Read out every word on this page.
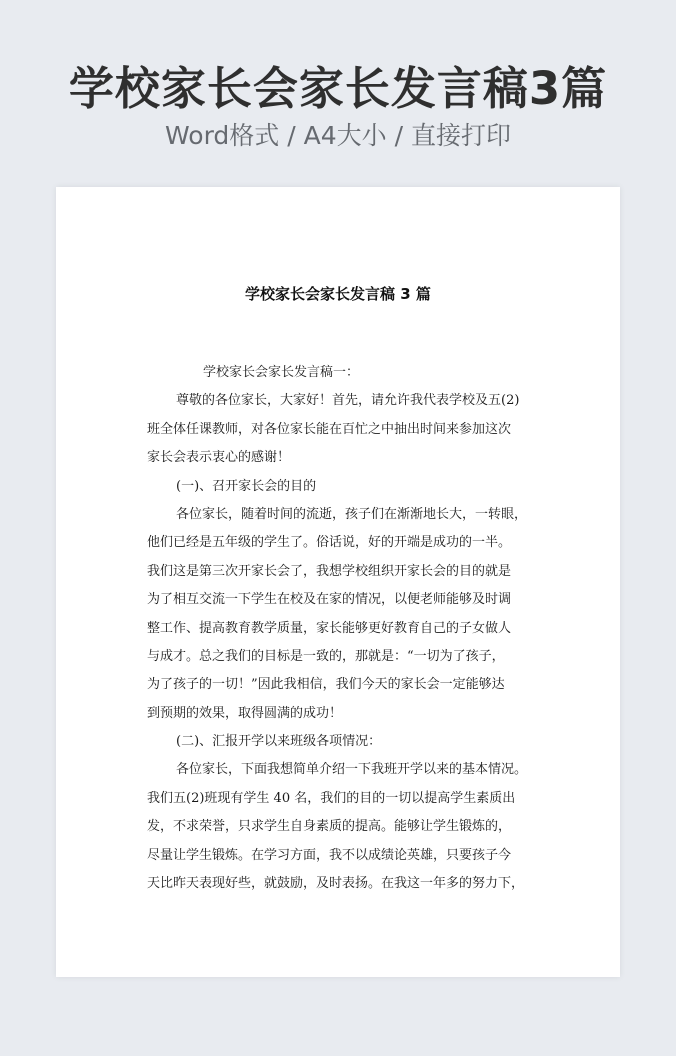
学校家长会家长发言稿3篇
Word格式 / A4大小 / 直接打印
学校家长会家长发言稿 3 篇
学校家长会家长发言稿一：
尊敬的各位家长，大家好！首先，请允许我代表学校及五(2)
班全体任课教师，对各位家长能在百忙之中抽出时间来参加这次
家长会表示衷心的感谢！
(一)、召开家长会的目的
各位家长，随着时间的流逝，孩子们在渐渐地长大，一转眼，
他们已经是五年级的学生了。俗话说，好的开端是成功的一半。
我们这是第三次开家长会了，我想学校组织开家长会的目的就是
为了相互交流一下学生在校及在家的情况，以便老师能够及时调
整工作、提高教育教学质量，家长能够更好教育自己的子女做人
与成才。总之我们的目标是一致的，那就是：“一切为了孩子，
为了孩子的一切！”因此我相信，我们今天的家长会一定能够达
到预期的效果，取得圆满的成功！
(二)、汇报开学以来班级各项情况：
各位家长，下面我想简单介绍一下我班开学以来的基本情况。
我们五(2)班现有学生 40 名，我们的目的一切以提高学生素质出
发，不求荣誉，只求学生自身素质的提高。能够让学生锻炼的，
尽量让学生锻炼。在学习方面，我不以成绩论英雄，只要孩子今
天比昨天表现好些，就鼓励，及时表扬。在我这一年多的努力下，
